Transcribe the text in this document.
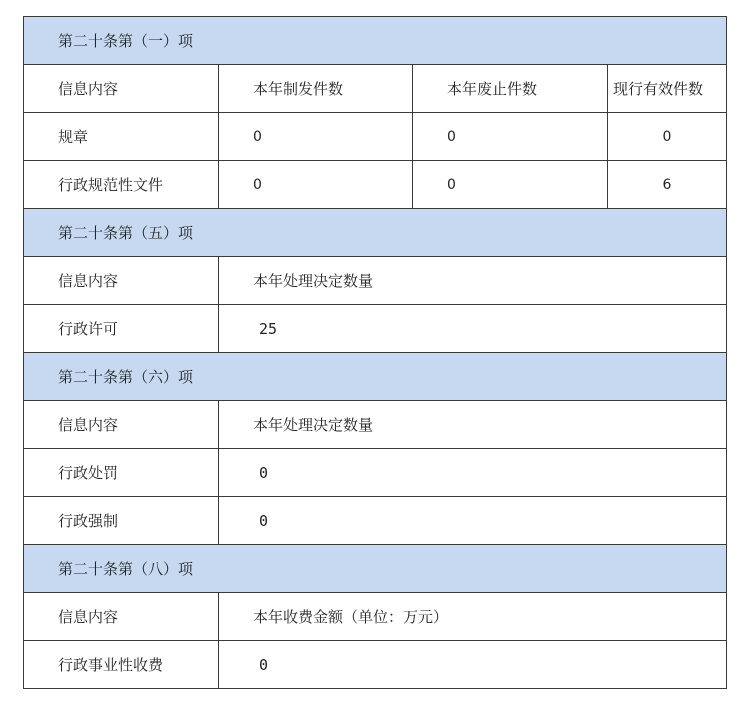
第二十条第（一）项			
信息内容	本年制发件数	本年废止件数	现行有效件数
规章	0	0	0
行政规范性文件	0	0	6
第二十条第（五）项			
信息内容	本年处理决定数量		
行政许可	25		
第二十条第（六）项			
信息内容	本年处理决定数量		
行政处罚	0		
行政强制	0		
第二十条第（八）项			
信息内容	本年收费金额（单位：万元）		
行政事业性收费	0		
